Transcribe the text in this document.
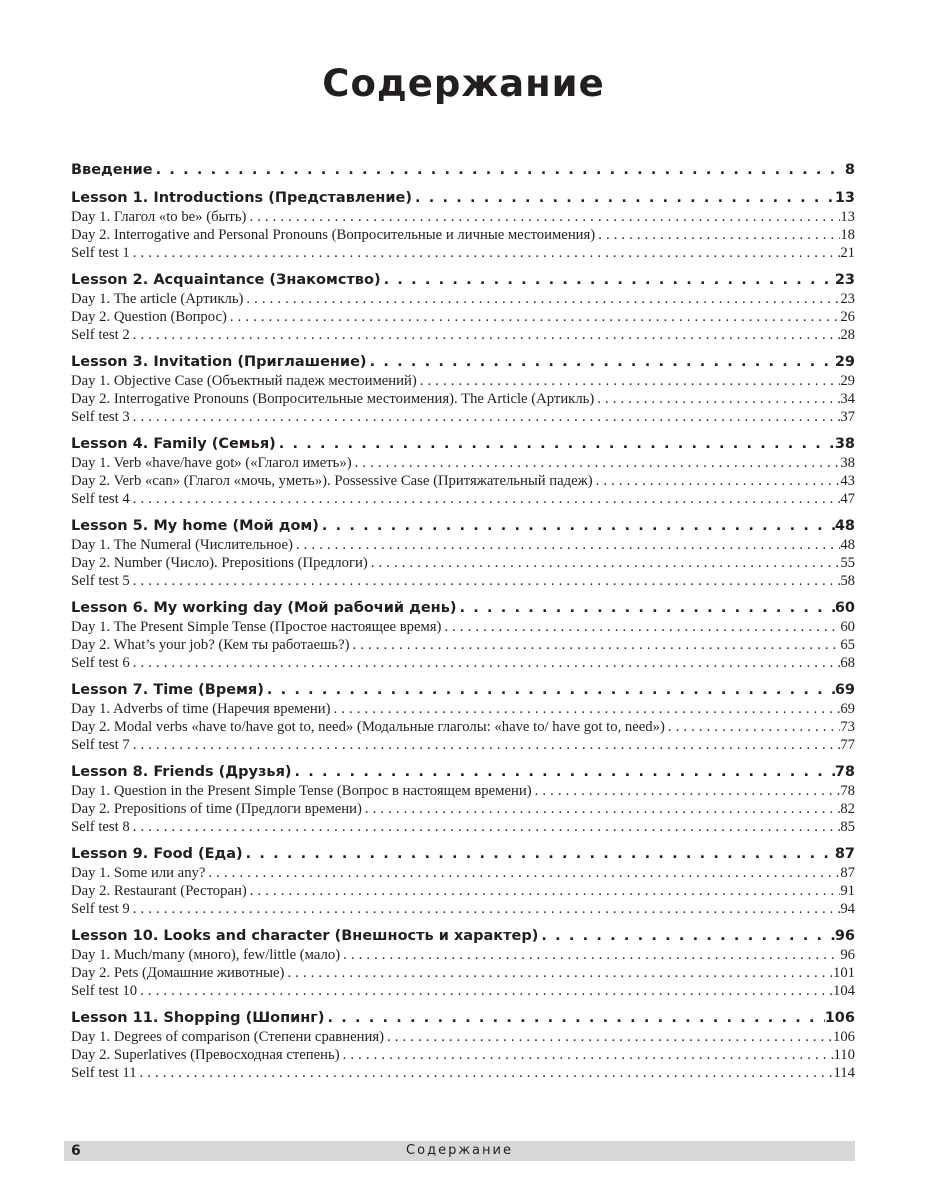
Содержание
Введение . . .	8
Lesson 1. Introductions (Представление) . . .	13
Day 1. Глагол «to be» (быть) . . .	13
Day 2. Interrogative and Personal Pronouns (Вопросительные и личные местоимения) . . .	18
Self test 1 . . .	21
Lesson 2. Acquaintance (Знакомство) . . .	23
Day 1. The article (Артикль) . . .	23
Day 2. Question (Вопрос) . . .	26
Self test 2 . . .	28
Lesson 3. Invitation (Приглашение) . . .	29
Day 1. Objective Case (Объектный падеж местоимений) . . .	29
Day 2. Interrogative Pronouns (Вопросительные местоимения). The Article (Артикль) . . .	34
Self test 3 . . .	37
Lesson 4. Family (Семья) . . .	38
Day 1. Verb «have/have got» («Глагол иметь») . . .	38
Day 2. Verb «can» (Глагол «мочь, уметь»). Possessive Case (Притяжательный падеж) . . .	43
Self test 4 . . .	47
Lesson 5. My home (Мой дом) . . .	48
Day 1. The Numeral (Числительное) . . .	48
Day 2. Number (Число). Prepositions (Предлоги) . . .	55
Self test 5 . . .	58
Lesson 6. My working day (Мой рабочий день) . . .	60
Day 1. The Present Simple Tense (Простое настоящее время) . . .	60
Day 2. What’s your job? (Кем ты работаешь?) . . .	65
Self test 6 . . .	68
Lesson 7. Time (Время) . . .	69
Day 1. Adverbs of time (Наречия времени) . . .	69
Day 2. Modal verbs «have to/have got to, need» (Модальные глаголы: «have to/ have got to, need») . . .	73
Self test 7 . . .	77
Lesson 8. Friends (Друзья) . . .	78
Day 1. Question in the Present Simple Tense (Вопрос в настоящем времени) . . .	78
Day 2. Prepositions of time (Предлоги времени) . . .	82
Self test 8 . . .	85
Lesson 9. Food (Еда) . . .	87
Day 1. Some или any? . . .	87
Day 2. Restaurant (Ресторан) . . .	91
Self test 9 . . .	94
Lesson 10. Looks and character (Внешность и характер) . . .	96
Day 1. Much/many (много), few/little (мало) . . .	96
Day 2. Pets (Домашние животные) . . .	101
Self test 10 . . .	104
Lesson 11. Shopping (Шопинг) . . .	106
Day 1. Degrees of comparison (Степени сравнения) . . .	106
Day 2. Superlatives (Превосходная степень) . . .	110
Self test 11 . . .	114
6	Содержание
